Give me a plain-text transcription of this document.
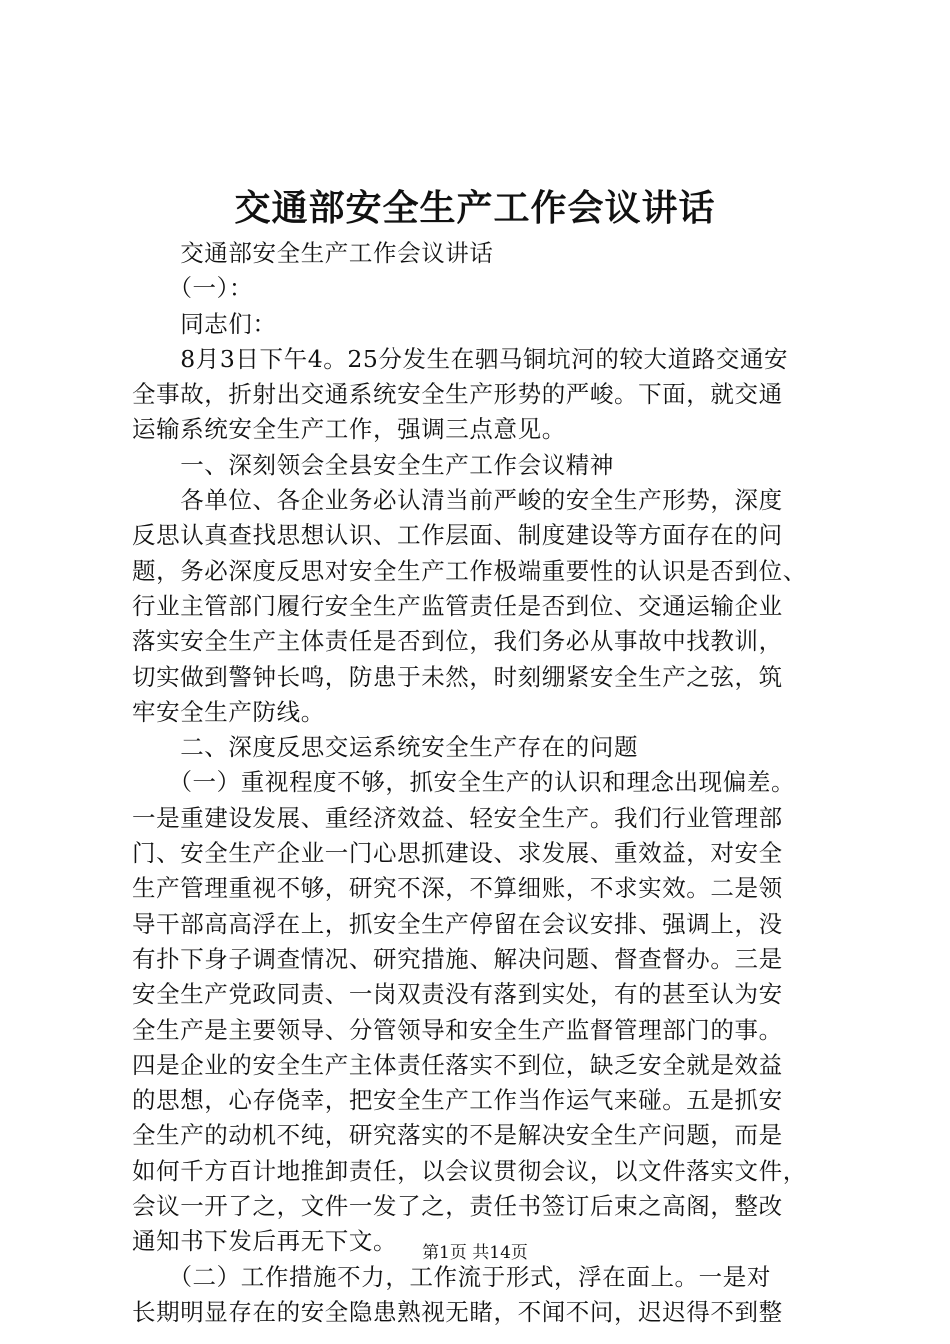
交通部安全生产工作会议讲话

　　交通部安全生产工作会议讲话

　　（一）：

　　同志们：

　　8月3日下午4。25分发生在驷马铜坑河的较大道路交通安

全事故，折射出交通系统安全生产形势的严峻。下面，就交通

运输系统安全生产工作，强调三点意见。

　　一、深刻领会全县安全生产工作会议精神

　　各单位、各企业务必认清当前严峻的安全生产形势，深度

反思认真查找思想认识、工作层面、制度建设等方面存在的问

题，务必深度反思对安全生产工作极端重要性的认识是否到位、

行业主管部门履行安全生产监管责任是否到位、交通运输企业

落实安全生产主体责任是否到位，我们务必从事故中找教训，

切实做到警钟长鸣，防患于未然，时刻绷紧安全生产之弦，筑

牢安全生产防线。

　　二、深度反思交运系统安全生产存在的问题

　　（一）重视程度不够，抓安全生产的认识和理念出现偏差。

一是重建设发展、重经济效益、轻安全生产。我们行业管理部

门、安全生产企业一门心思抓建设、求发展、重效益，对安全

生产管理重视不够，研究不深，不算细账，不求实效。二是领

导干部高高浮在上，抓安全生产停留在会议安排、强调上，没

有扑下身子调查情况、研究措施、解决问题、督查督办。三是

安全生产党政同责、一岗双责没有落到实处，有的甚至认为安

全生产是主要领导、分管领导和安全生产监督管理部门的事。

四是企业的安全生产主体责任落实不到位，缺乏安全就是效益

的思想，心存侥幸，把安全生产工作当作运气来碰。五是抓安

全生产的动机不纯，研究落实的不是解决安全生产问题，而是

如何千方百计地推卸责任，以会议贯彻会议，以文件落实文件，

会议一开了之，文件一发了之，责任书签订后束之高阁，整改

通知书下发后再无下文。

　　（二）工作措施不力，工作流于形式，浮在面上。一是对

长期明显存在的安全隐患熟视无睹，不闻不问，迟迟得不到整

第1页 共14页
